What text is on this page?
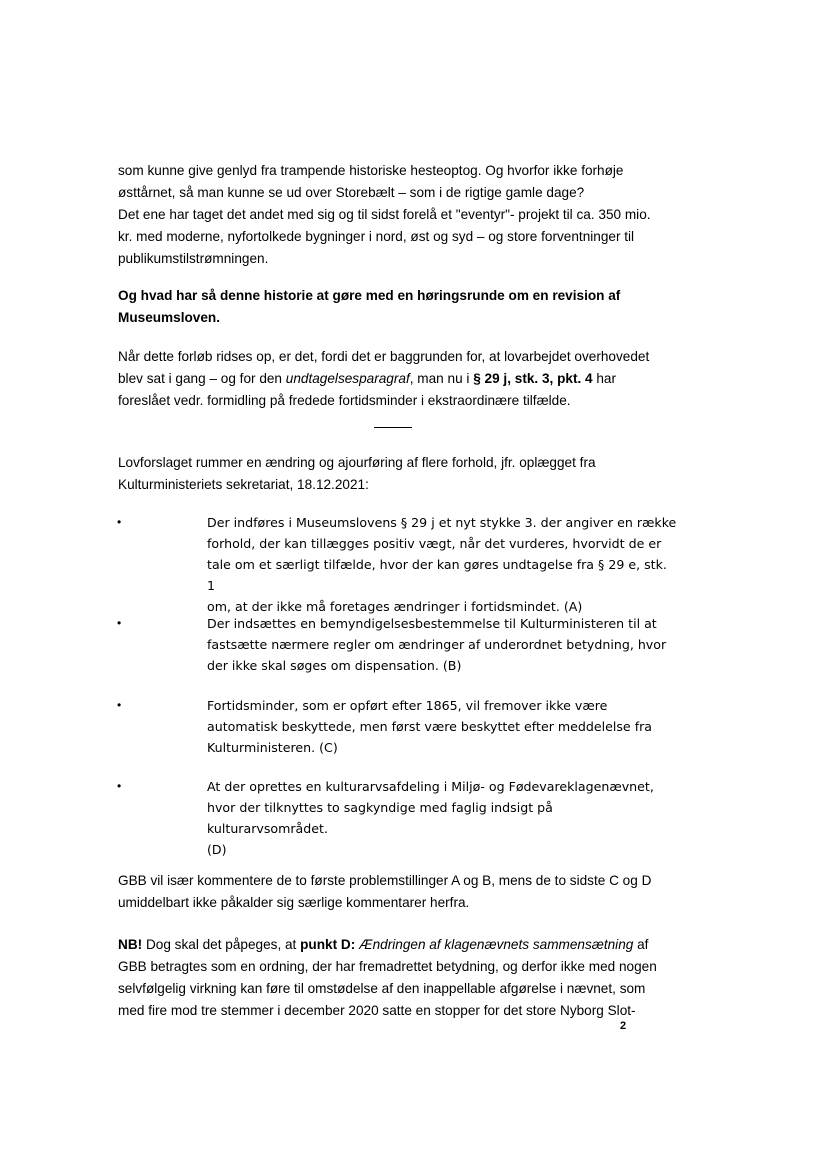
som kunne give genlyd fra trampende historiske hesteoptog. Og hvorfor ikke forhøje
østtårnet, så man kunne se ud over Storebælt – som i de rigtige gamle dage?
Det ene har taget det andet med sig og til sidst forelå et "eventyr"- projekt til ca. 350 mio.
kr. med moderne, nyfortolkede bygninger i nord, øst og syd – og store forventninger til
publikumstilstrømningen.
Og hvad har så denne historie at gøre med en høringsrunde om en revision af
Museumsloven.
Når dette forløb ridses op, er det, fordi det er baggrunden for, at lovarbejdet overhovedet
blev sat i gang – og for den undtagelsesparagraf, man nu i § 29 j, stk. 3, pkt. 4 har
foreslået vedr. formidling på fredede fortidsminder i ekstraordinære tilfælde.
Lovforslaget rummer en ændring og ajourføring af flere forhold, jfr. oplægget fra
Kulturministeriets sekretariat, 18.12.2021:
•	Der indføres i Museumslovens § 29 j et nyt stykke 3. der angiver en række
forhold, der kan tillægges positiv vægt, når det vurderes, hvorvidt de er
tale om et særligt tilfælde, hvor der kan gøres undtagelse fra § 29 e, stk. 1
om, at der ikke må foretages ændringer i fortidsmindet. (A)
•	Der indsættes en bemyndigelsesbestemmelse til Kulturministeren til at
fastsætte nærmere regler om ændringer af underordnet betydning, hvor
der ikke skal søges om dispensation. (B)
•	Fortidsminder, som er opført efter 1865, vil fremover ikke være
automatisk beskyttede, men først være beskyttet efter meddelelse fra
Kulturministeren. (C)
•	At der oprettes en kulturarvsafdeling i Miljø- og Fødevareklagenævnet,
hvor der tilknyttes to sagkyndige med faglig indsigt på kulturarvsområdet.
(D)
GBB vil især kommentere de to første problemstillinger A og B, mens de to sidste C og D
umiddelbart ikke påkalder sig særlige kommentarer herfra.
NB! Dog skal det påpeges, at punkt D: Ændringen af klagenævnets sammensætning af
GBB betragtes som en ordning, der har fremadrettet betydning, og derfor ikke med nogen
selvfølgelig virkning kan føre til omstødelse af den inappellable afgørelse i nævnet, som
med fire mod tre stemmer i december 2020 satte en stopper for det store Nyborg Slot-
2
